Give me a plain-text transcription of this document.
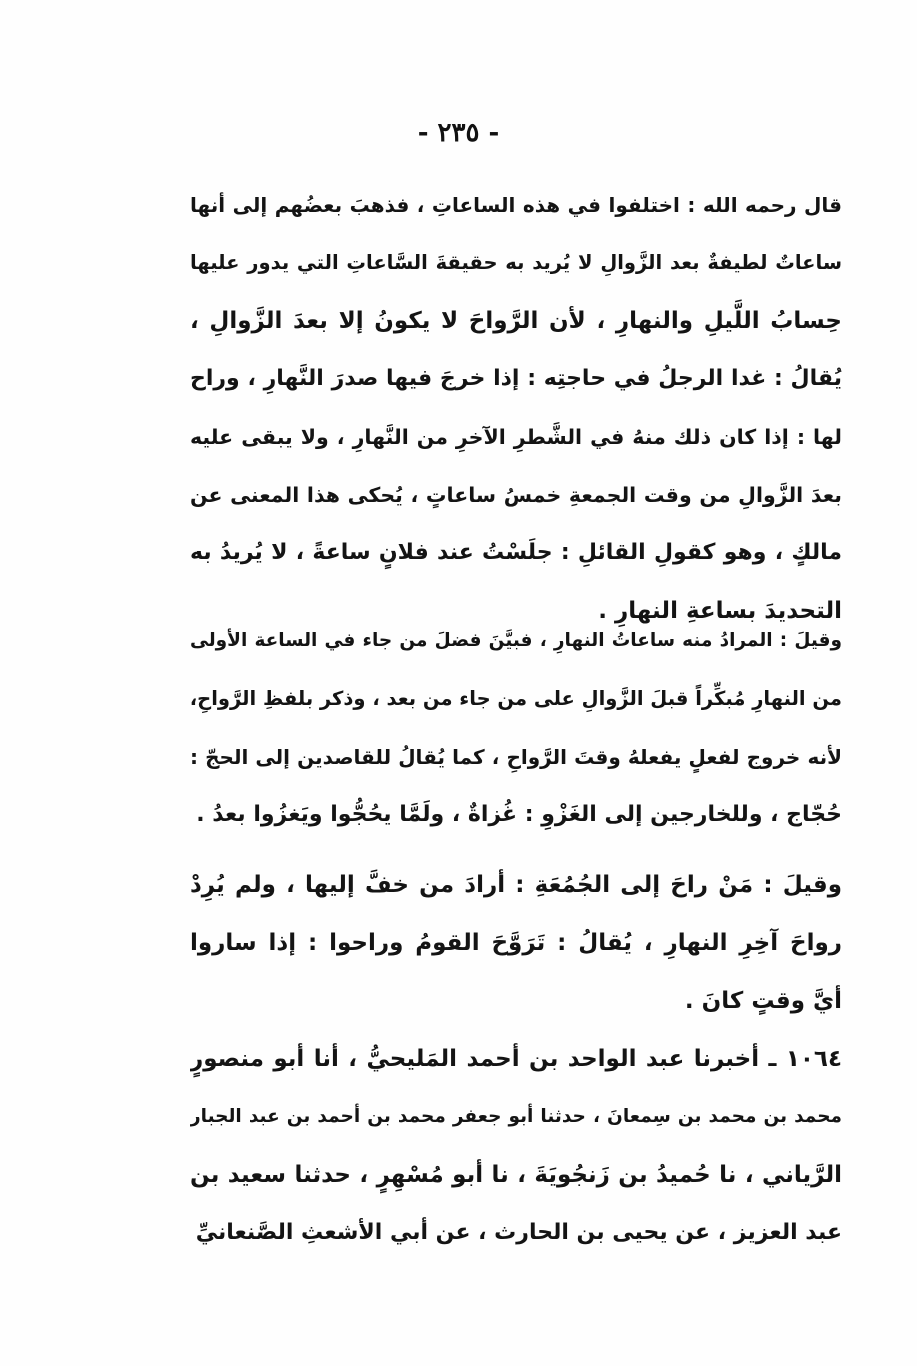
- ٢٣٥ -
قال رحمه الله : اختلفوا في هذه الساعاتِ ، فذهبَ بعضُهم إلى أنها
ساعاتٌ لطيفةٌ بعد الزَّوالِ لا يُريد به حقيقةَ السَّاعاتِ التي يدور عليها
حِسابُ اللَّيلِ والنهارِ ، لأن الرَّواحَ لا يكونُ إلا بعدَ الزَّوالِ ،
يُقالُ : غدا الرجلُ في حاجتِه : إذا خرجَ فيها صدرَ النَّهارِ ، وراح
لها : إذا كان ذلك منهُ في الشَّطرِ الآخرِ من النَّهارِ ، ولا يبقى عليه
بعدَ الزَّوالِ من وقت الجمعةِ خمسُ ساعاتٍ ، يُحكى هذا المعنى عن
مالكٍ ، وهو كقولِ القائلِ : جلَسْتُ عند فلانٍ ساعةً ، لا يُريدُ به
التحديدَ بساعةِ النهارِ .
وقيلَ : المرادُ منه ساعاتُ النهارِ ، فبيَّنَ فضلَ من جاء في الساعة الأولى
من النهارِ مُبكِّراً قبلَ الزَّوالِ على من جاء من بعد ، وذكر بلفظِ الرَّواحِ،
لأنه خروج لفعلٍ يفعلهُ وقتَ الرَّواحِ ، كما يُقالُ للقاصدين إلى الحجّ :
حُجّاج ، وللخارجين إلى الغَزْوِ : غُزاةٌ ، ولَمَّا يحُجُّوا ويَغزُوا بعدُ .
وقيلَ : مَنْ راحَ إلى الجُمُعَةِ : أرادَ من خفَّ إليها ، ولم يُرِدْ
رواحَ آخِرِ النهارِ ، يُقالُ : تَرَوَّحَ القومُ وراحوا : إذا ساروا
أيَّ وقتٍ كانَ .
١٠٦٤ ـ أخبرنا عبد الواحد بن أحمد المَليحيُّ ، أنا أبو منصورٍ
محمد بن محمد بن سِمعانَ ، حدثنا أبو جعفر محمد بن أحمد بن عبد الجبار
الرَّياني ، نا حُميدُ بن زَنجُويَةَ ، نا أبو مُسْهِرٍ ، حدثنا سعيد بن
عبد العزيز ، عن يحيى بن الحارث ، عن أبي الأشعثِ الصَّنعانيِّ
